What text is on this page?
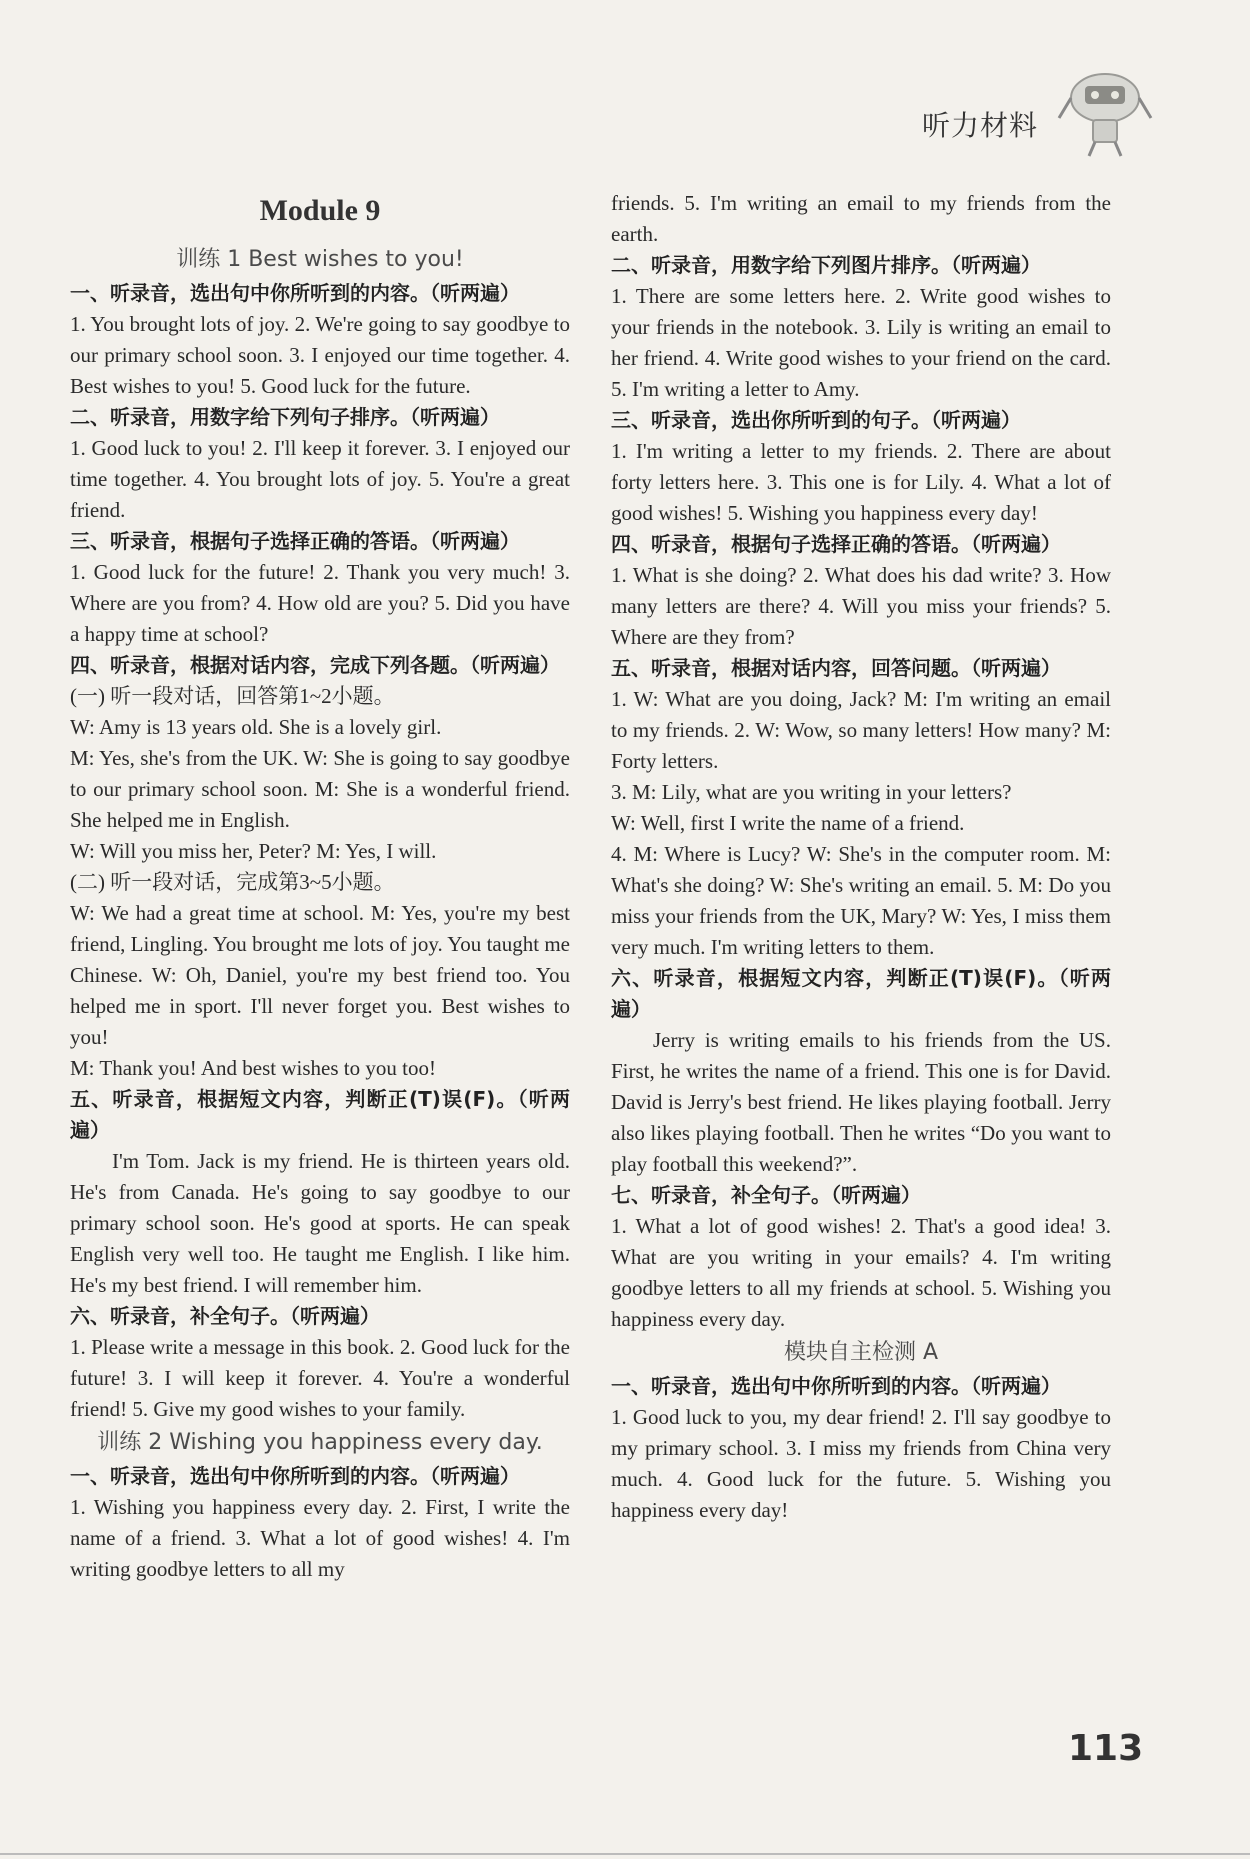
听力材料
Module 9
训练 1 Best wishes to you!

一、听录音，选出句中你所听到的内容。（听两遍）

1. You brought lots of joy. 2. We're going to say goodbye to our primary school soon. 3. I enjoyed our time together. 4. Best wishes to you! 5. Good luck for the future.

二、听录音，用数字给下列句子排序。（听两遍）

1. Good luck to you! 2. I'll keep it forever. 3. I enjoyed our time together. 4. You brought lots of joy. 5. You're a great friend.

三、听录音，根据句子选择正确的答语。（听两遍）

1. Good luck for the future! 2. Thank you very much! 3. Where are you from? 4. How old are you? 5. Did you have a happy time at school?

四、听录音，根据对话内容，完成下列各题。（听两遍）

(一) 听一段对话，回答第1~2小题。

W: Amy is 13 years old. She is a lovely girl.

M: Yes, she's from the UK. W: She is going to say goodbye to our primary school soon. M: She is a wonderful friend. She helped me in English.

W: Will you miss her, Peter? M: Yes, I will.

(二) 听一段对话，完成第3~5小题。

W: We had a great time at school. M: Yes, you're my best friend, Lingling. You brought me lots of joy. You taught me Chinese. W: Oh, Daniel, you're my best friend too. You helped me in sport. I'll never forget you. Best wishes to you!

M: Thank you! And best wishes to you too!

五、听录音，根据短文内容，判断正(T)误(F)。（听两遍）

I'm Tom. Jack is my friend. He is thirteen years old. He's from Canada. He's going to say goodbye to our primary school soon. He's good at sports. He can speak English very well too. He taught me English. I like him. He's my best friend. I will remember him.

六、听录音，补全句子。（听两遍）

1. Please write a message in this book. 2. Good luck for the future! 3. I will keep it forever. 4. You're a wonderful friend! 5. Give my good wishes to your family.

训练 2 Wishing you happiness every day.

一、听录音，选出句中你所听到的内容。（听两遍）

1. Wishing you happiness every day. 2. First, I write the name of a friend. 3. What a lot of good wishes! 4. I'm writing goodbye letters to all my

friends. 5. I'm writing an email to my friends from the earth.

二、听录音，用数字给下列图片排序。（听两遍）

1. There are some letters here. 2. Write good wishes to your friends in the notebook. 3. Lily is writing an email to her friend. 4. Write good wishes to your friend on the card. 5. I'm writing a letter to Amy.

三、听录音，选出你所听到的句子。（听两遍）

1. I'm writing a letter to my friends. 2. There are about forty letters here. 3. This one is for Lily. 4. What a lot of good wishes! 5. Wishing you happiness every day!

四、听录音，根据句子选择正确的答语。（听两遍）

1. What is she doing? 2. What does his dad write? 3. How many letters are there? 4. Will you miss your friends? 5. Where are they from?

五、听录音，根据对话内容，回答问题。（听两遍）

1. W: What are you doing, Jack? M: I'm writing an email to my friends. 2. W: Wow, so many letters! How many? M: Forty letters.

3. M: Lily, what are you writing in your letters?

W: Well, first I write the name of a friend.

4. M: Where is Lucy? W: She's in the computer room. M: What's she doing? W: She's writing an email. 5. M: Do you miss your friends from the UK, Mary? W: Yes, I miss them very much. I'm writing letters to them.

六、听录音，根据短文内容，判断正(T)误(F)。（听两遍）

Jerry is writing emails to his friends from the US. First, he writes the name of a friend. This one is for David. David is Jerry's best friend. He likes playing football. Jerry also likes playing football. Then he writes “Do you want to play football this weekend?”.

七、听录音，补全句子。（听两遍）

1. What a lot of good wishes! 2. That's a good idea! 3. What are you writing in your emails? 4. I'm writing goodbye letters to all my friends at school. 5. Wishing you happiness every day.

模块自主检测 A

一、听录音，选出句中你所听到的内容。（听两遍）

1. Good luck to you, my dear friend! 2. I'll say goodbye to my primary school. 3. I miss my friends from China very much. 4. Good luck for the future. 5. Wishing you happiness every day!

113
